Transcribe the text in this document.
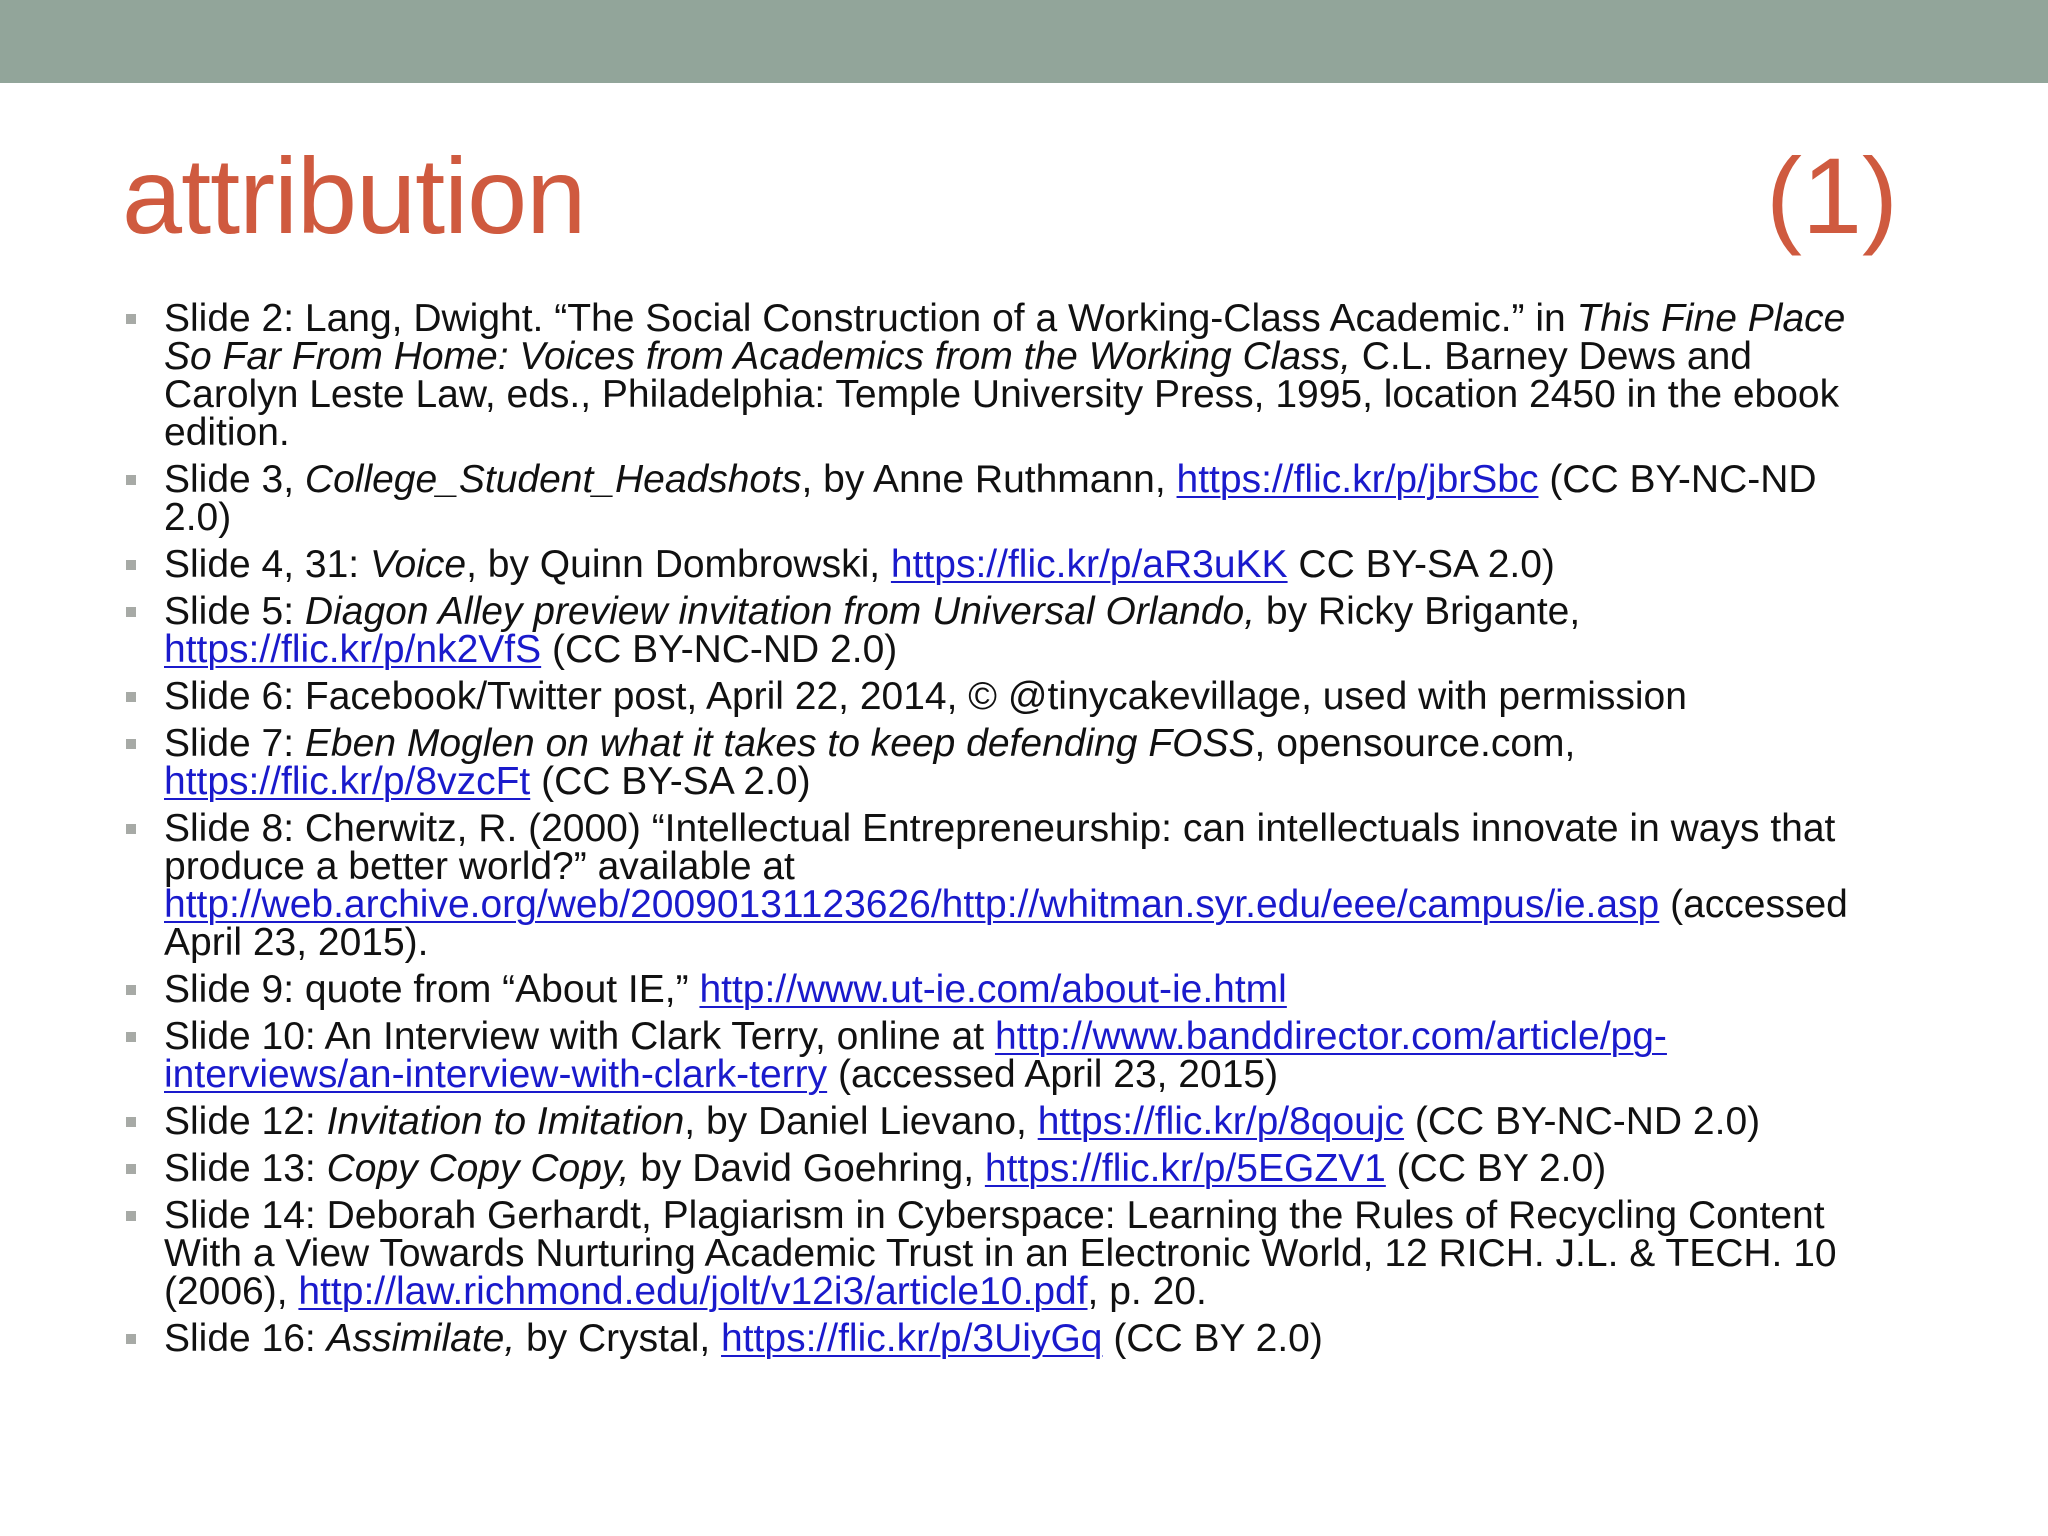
attribution	(1)
Slide 2: Lang, Dwight. “The Social Construction of a Working-Class Academic.” in This Fine Place So Far From Home: Voices from Academics from the Working Class, C.L. Barney Dews and Carolyn Leste Law, eds., Philadelphia: Temple University Press, 1995, location 2450 in the ebook edition.
Slide 3, College_Student_Headshots, by Anne Ruthmann, https://flic.kr/p/jbrSbc (CC BY-NC-ND 2.0)
Slide 4, 31: Voice, by Quinn Dombrowski, https://flic.kr/p/aR3uKK CC BY-SA 2.0)
Slide 5: Diagon Alley preview invitation from Universal Orlando, by Ricky Brigante, https://flic.kr/p/nk2VfS (CC BY-NC-ND 2.0)
Slide 6: Facebook/Twitter post, April 22, 2014, © @tinycakevillage, used with permission
Slide 7: Eben Moglen on what it takes to keep defending FOSS, opensource.com, https://flic.kr/p/8vzcFt (CC BY-SA 2.0)
Slide 8: Cherwitz, R. (2000) “Intellectual Entrepreneurship: can intellectuals innovate in ways that produce a better world?” available at http://web.archive.org/web/20090131123626/http://whitman.syr.edu/eee/campus/ie.asp (accessed April 23, 2015).
Slide 9: quote from “About IE,” http://www.ut-ie.com/about-ie.html
Slide 10: An Interview with Clark Terry, online at http://www.banddirector.com/article/pg-interviews/an-interview-with-clark-terry (accessed April 23, 2015)
Slide 12: Invitation to Imitation, by Daniel Lievano, https://flic.kr/p/8qoujc (CC BY-NC-ND 2.0)
Slide 13: Copy Copy Copy, by David Goehring, https://flic.kr/p/5EGZV1 (CC BY 2.0)
Slide 14: Deborah Gerhardt, Plagiarism in Cyberspace: Learning the Rules of Recycling Content With a View Towards Nurturing Academic Trust in an Electronic World, 12 RICH. J.L. & TECH. 10 (2006), http://law.richmond.edu/jolt/v12i3/article10.pdf, p. 20.
Slide 16: Assimilate, by Crystal, https://flic.kr/p/3UiyGq (CC BY 2.0)
